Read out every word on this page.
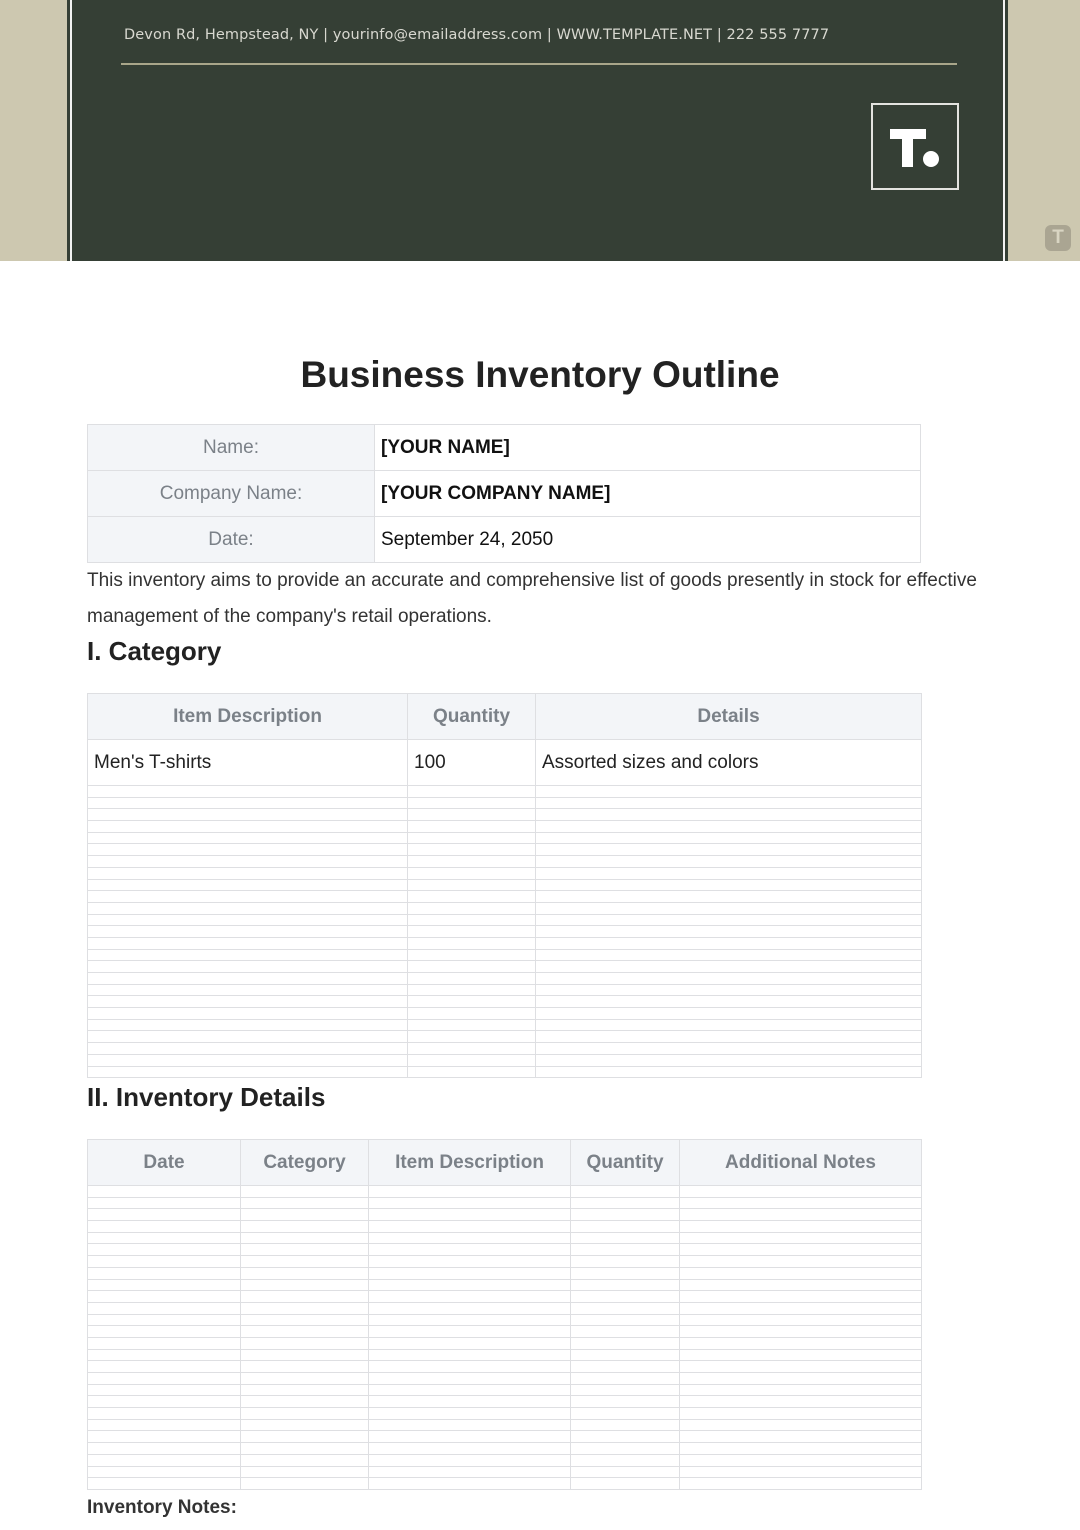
Devon Rd, Hempstead, NY | yourinfo@emailaddress.com | WWW.TEMPLATE.NET | 222 555 7777
T
Business Inventory Outline
Name:	[YOUR NAME]
Company Name:	[YOUR COMPANY NAME]
Date:	September 24, 2050
This inventory aims to provide an accurate and comprehensive list of goods presently in stock for effective management of the company's retail operations.
I. Category
Item Description	Quantity	Details
Men's T-shirts	100	Assorted sizes and colors

II. Inventory Details
Date	Category	Item Description	Quantity	Additional Notes

Inventory Notes:
